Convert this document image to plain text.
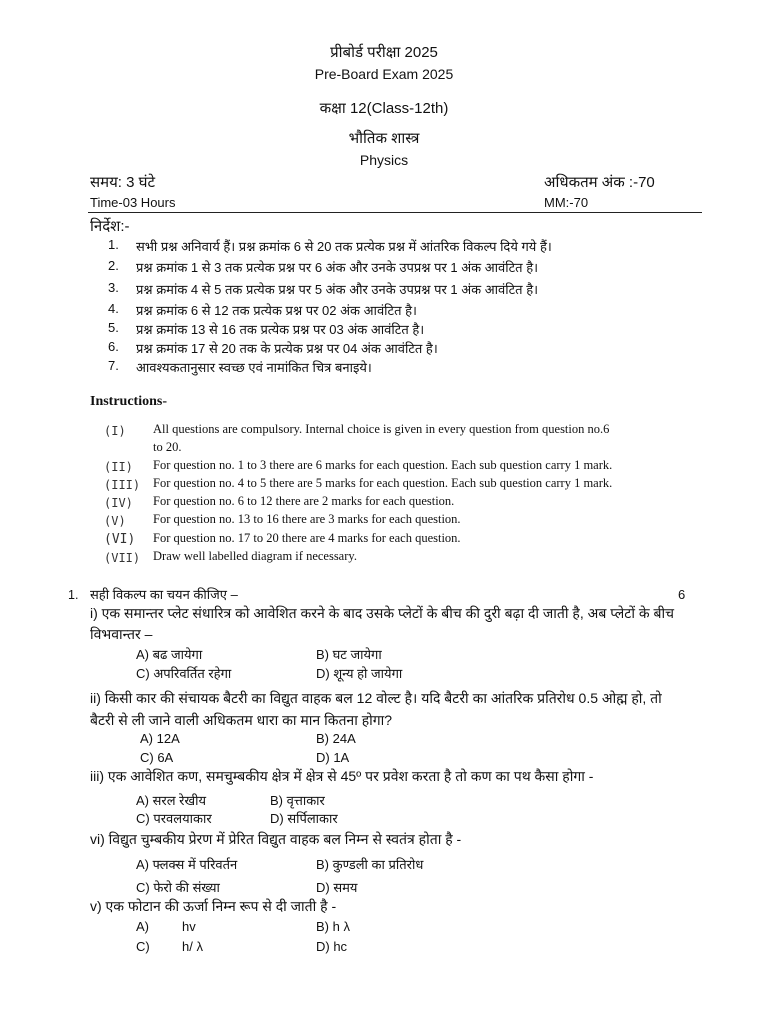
प्रीबोर्ड परीक्षा 2025
Pre-Board Exam 2025
कक्षा 12(Class-12th)
भौतिक शास्त्र
Physics
समय: 3 घंटे	अधिकतम अंक :-70
Time-03 Hours	MM:-70
निर्देश:-
1. सभी प्रश्न अनिवार्य हैं। प्रश्न क्रमांक 6 से 20 तक प्रत्येक प्रश्न में आंतरिक विकल्प दिये गये हैं।
2. प्रश्न क्रमांक 1 से 3 तक प्रत्येक प्रश्न पर 6 अंक और उनके उपप्रश्न पर 1 अंक आवंटित है।
3. प्रश्न क्रमांक 4 से 5 तक प्रत्येक प्रश्न पर 5 अंक और उनके उपप्रश्न पर 1 अंक आवंटित है।
4. प्रश्न क्रमांक 6 से 12 तक प्रत्येक प्रश्न पर 02 अंक आवंटित है।
5. प्रश्न क्रमांक 13 से 16 तक प्रत्येक प्रश्न पर 03 अंक आवंटित है।
6. प्रश्न क्रमांक 17 से 20 तक के प्रत्येक प्रश्न पर 04 अंक आवंटित है।
7. आवश्यकतानुसार स्वच्छ एवं नामांकित चित्र बनाइये।
Instructions-
(I) All questions are compulsory. Internal choice is given in every question from question no.6
to 20.
(II) For question no. 1 to 3 there are 6 marks for each question. Each sub question carry 1 mark.
(III) For question no. 4 to 5 there are 5 marks for each question. Each sub question carry 1 mark.
(IV) For question no. 6 to 12 there are 2 marks for each question.
(V) For question no. 13 to 16 there are 3 marks for each question.
(VI) For question no. 17 to 20 there are 4 marks for each question.
(VII) Draw well labelled diagram if necessary.
1. सही विकल्प का चयन कीजिए –	6
i) एक समान्तर प्लेट संधारित्र को आवेशित करने के बाद उसके प्लेटों के बीच की दुरी बढ़ा दी जाती है, अब प्लेटों के बीच
विभवान्तर –
A) बढ जायेगा	B) घट जायेगा
C) अपरिवर्तित रहेगा	D) शून्य हो जायेगा
ii) किसी कार की संचायक बैटरी का विद्युत वाहक बल 12 वोल्ट है। यदि बैटरी का आंतरिक प्रतिरोध 0.5 ओह्म हो, तो
बैटरी से ली जाने वाली अधिकतम धारा का मान कितना होगा?
A) 12A	B) 24A
C) 6A	D) 1A
iii) एक आवेशित कण, समचुम्बकीय क्षेत्र में क्षेत्र से 45º पर प्रवेश करता है तो कण का पथ कैसा होगा -
A) सरल रेखीय	B) वृत्ताकार
C) परवलयाकार	D) सर्पिलाकार
vi) विद्युत चुम्बकीय प्रेरण में प्रेरित विद्युत वाहक बल निम्न से स्वतंत्र होता है -
A) फ्लक्स में परिवर्तन	B) कुण्डली का प्रतिरोध
C) फेरो की संख्या	D) समय
v) एक फोटान की ऊर्जा निम्न रूप से दी जाती है -
A)	hv	B) h λ
C) h/ λ	D) hc
